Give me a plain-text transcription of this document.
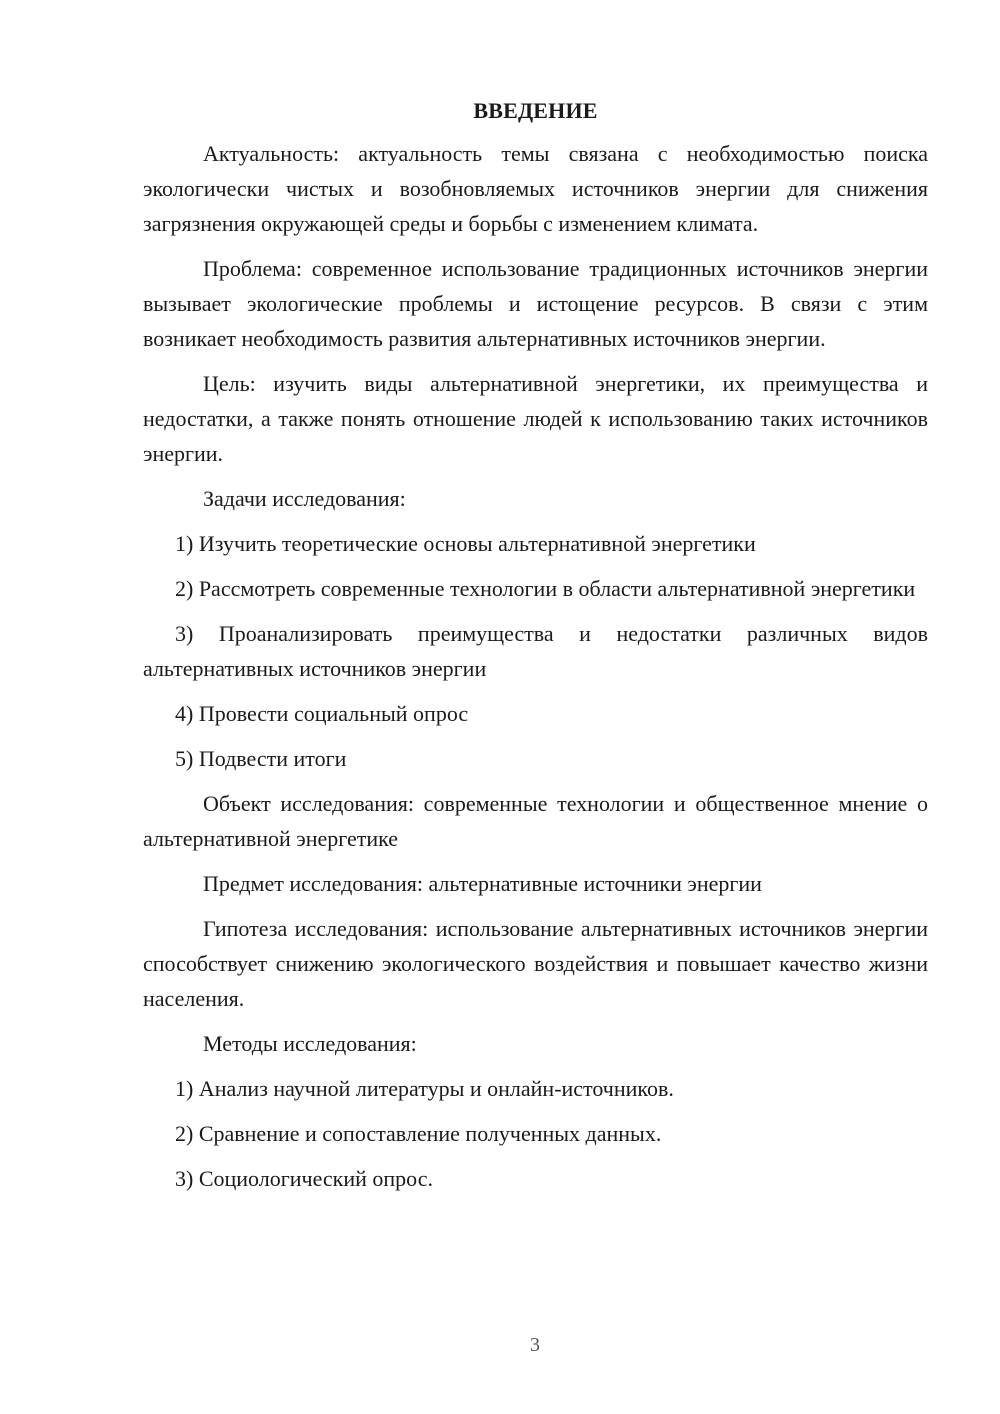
ВВЕДЕНИЕ

Актуальность: актуальность темы связана с необходимостью поиска экологически чистых и возобновляемых источников энергии для снижения загрязнения окружающей среды и борьбы с изменением климата.

Проблема: современное использование традиционных источников энергии вызывает экологические проблемы и истощение ресурсов. В связи с этим возникает необходимость развития альтернативных источников энергии.

Цель: изучить виды альтернативной энергетики, их преимущества и недостатки, а также понять отношение людей к использованию таких источников энергии.

Задачи исследования:

1) Изучить теоретические основы альтернативной энергетики

2) Рассмотреть современные технологии в области альтернативной энергетики

3) Проанализировать преимущества и недостатки различных видов альтернативных источников энергии

4) Провести социальный опрос

5) Подвести итоги

Объект исследования: современные технологии и общественное мнение о альтернативной энергетике

Предмет исследования: альтернативные источники энергии

Гипотеза исследования: использование альтернативных источников энергии способствует снижению экологического воздействия и повышает качество жизни населения.

Методы исследования:

1) Анализ научной литературы и онлайн-источников.

2) Сравнение и сопоставление полученных данных.

3) Социологический опрос.

3
